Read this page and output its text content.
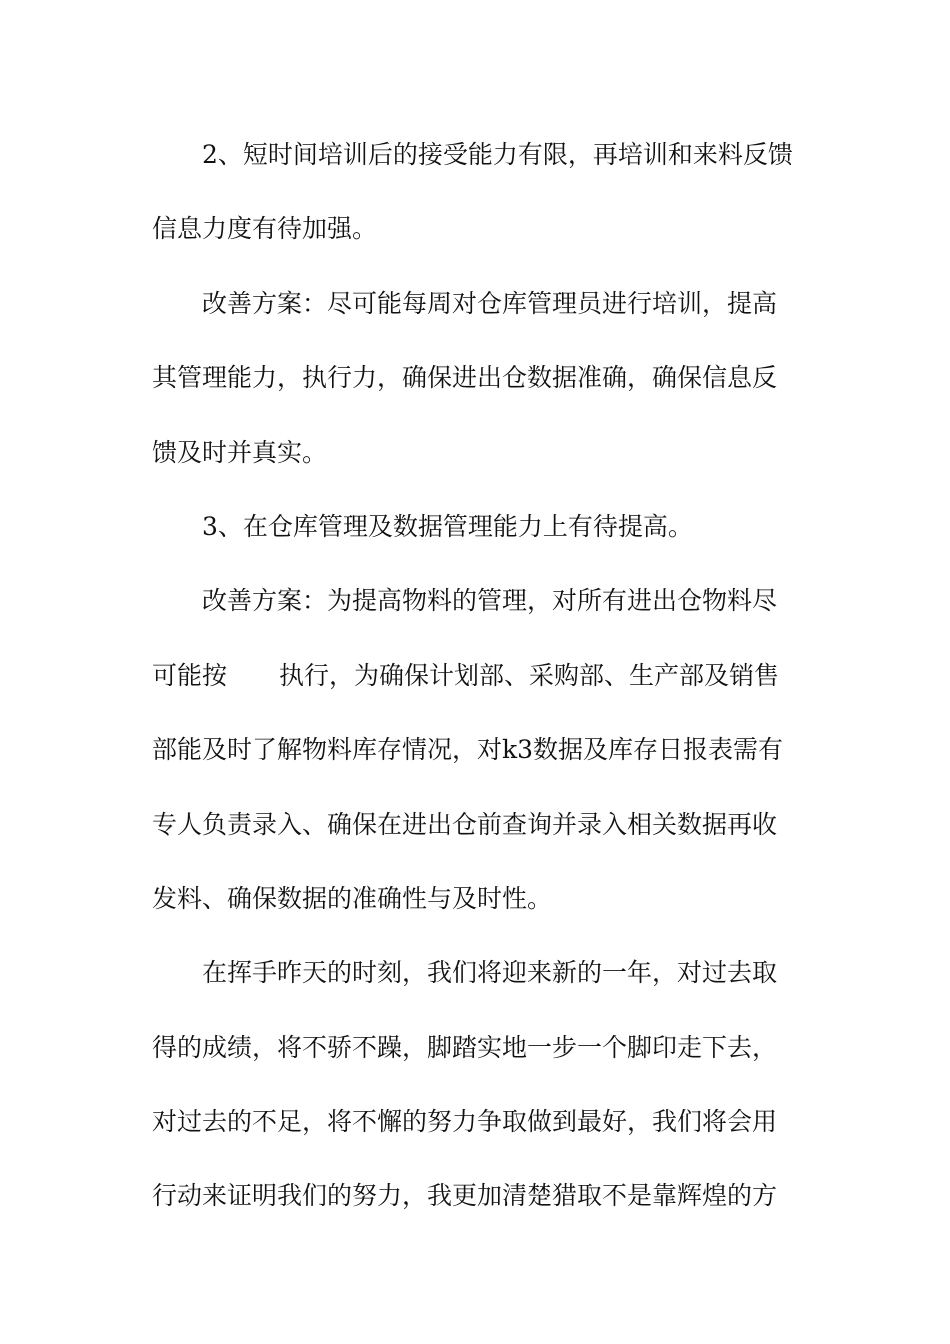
2、短时间培训后的接受能力有限，再培训和来料反馈
信息力度有待加强。
改善方案：尽可能每周对仓库管理员进行培训，提高
其管理能力，执行力，确保进出仓数据准确，确保信息反
馈及时并真实。
3、在仓库管理及数据管理能力上有待提高。
改善方案：为提高物料的管理，对所有进出仓物料尽
可能按 执行，为确保计划部、采购部、生产部及销售
部能及时了解物料库存情况，对k3数据及库存日报表需有
专人负责录入、确保在进出仓前查询并录入相关数据再收
发料、确保数据的准确性与及时性。
在挥手昨天的时刻，我们将迎来新的一年，对过去取
得的成绩，将不骄不躁，脚踏实地一步一个脚印走下去，
对过去的不足，将不懈的努力争取做到最好，我们将会用
行动来证明我们的努力，我更加清楚猎取不是靠辉煌的方
